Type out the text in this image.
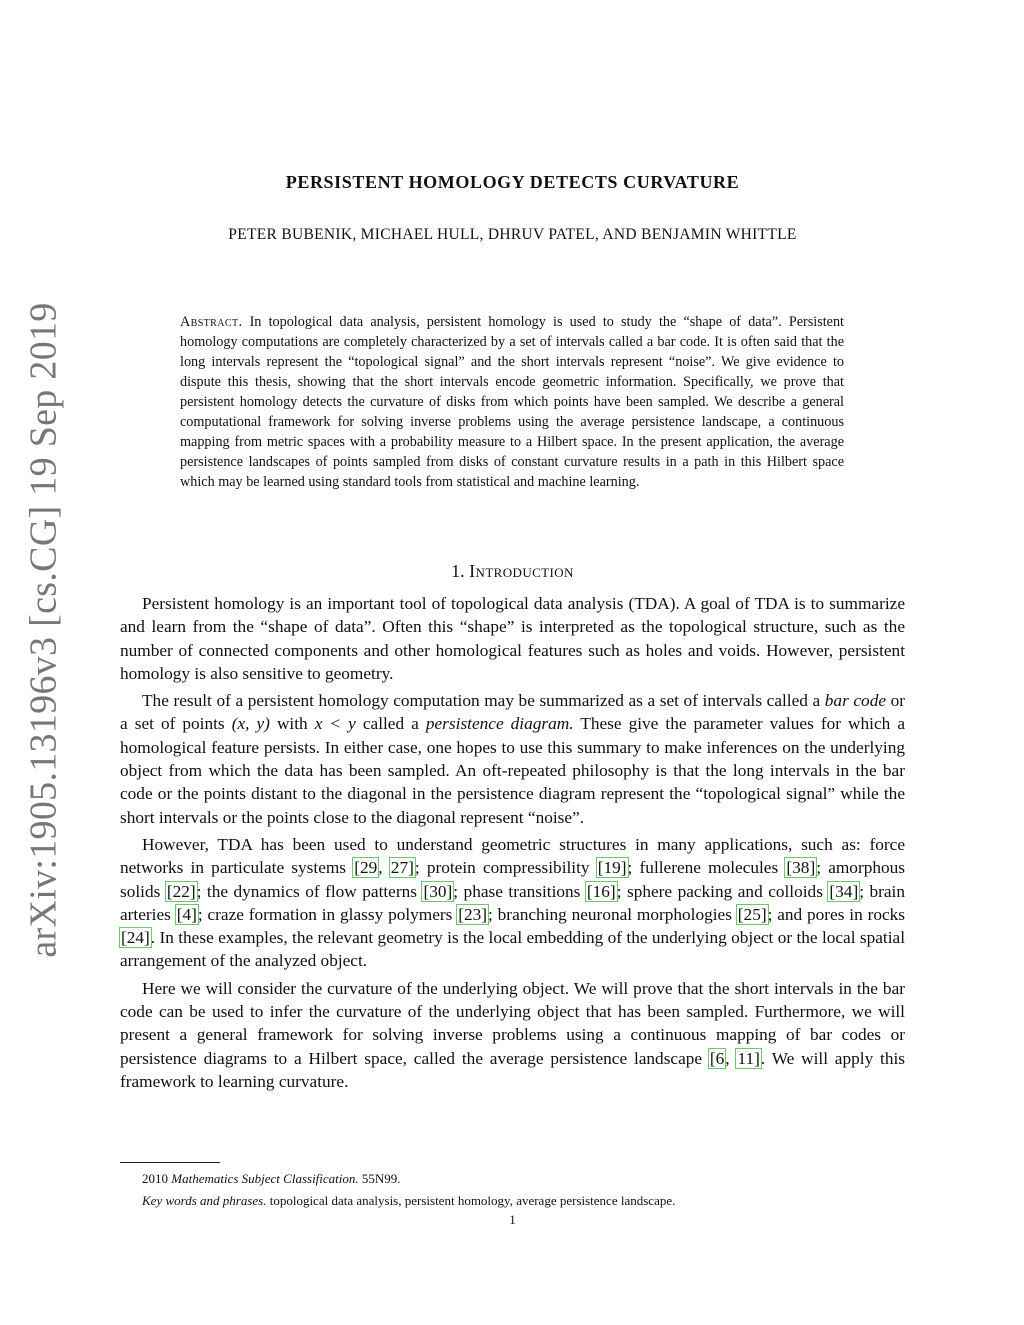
arXiv:1905.13196v3 [cs.CG] 19 Sep 2019
PERSISTENT HOMOLOGY DETECTS CURVATURE
PETER BUBENIK, MICHAEL HULL, DHRUV PATEL, AND BENJAMIN WHITTLE
Abstract. In topological data analysis, persistent homology is used to study the “shape of data”. Persistent homology computations are completely characterized by a set of intervals called a bar code. It is often said that the long intervals represent the “topological signal” and the short intervals represent “noise”. We give evidence to dispute this thesis, showing that the short intervals encode geometric information. Specifically, we prove that persistent homology detects the curvature of disks from which points have been sampled. We describe a general computational framework for solving inverse problems using the average persistence landscape, a continuous mapping from metric spaces with a probability measure to a Hilbert space. In the present application, the average persistence landscapes of points sampled from disks of constant curvature results in a path in this Hilbert space which may be learned using standard tools from statistical and machine learning.
1. Introduction

Persistent homology is an important tool of topological data analysis (TDA). A goal of TDA is to summarize and learn from the “shape of data”. Often this “shape” is interpreted as the topological structure, such as the number of connected components and other homological features such as holes and voids. However, persistent homology is also sensitive to geometry.

The result of a persistent homology computation may be summarized as a set of intervals called a bar code or a set of points (x, y) with x < y called a persistence diagram. These give the parameter values for which a homological feature persists. In either case, one hopes to use this summary to make inferences on the underlying object from which the data has been sampled. An oft-repeated philosophy is that the long intervals in the bar code or the points distant to the diagonal in the persistence diagram represent the “topological signal” while the short intervals or the points close to the diagonal represent “noise”.

However, TDA has been used to understand geometric structures in many applications, such as: force networks in particulate systems [29, 27]; protein compressibility [19]; fullerene molecules [38]; amorphous solids [22]; the dynamics of flow patterns [30]; phase transitions [16]; sphere packing and colloids [34]; brain arteries [4]; craze formation in glassy polymers [23]; branching neuronal morphologies [25]; and pores in rocks [24]. In these examples, the relevant geometry is the local embedding of the underlying object or the local spatial arrangement of the analyzed object.

Here we will consider the curvature of the underlying object. We will prove that the short intervals in the bar code can be used to infer the curvature of the underlying object that has been sampled. Furthermore, we will present a general framework for solving inverse problems using a continuous mapping of bar codes or persistence diagrams to a Hilbert space, called the average persistence landscape [6, 11]. We will apply this framework to learning curvature.

2010 Mathematics Subject Classification. 55N99.
Key words and phrases. topological data analysis, persistent homology, average persistence landscape.
1
